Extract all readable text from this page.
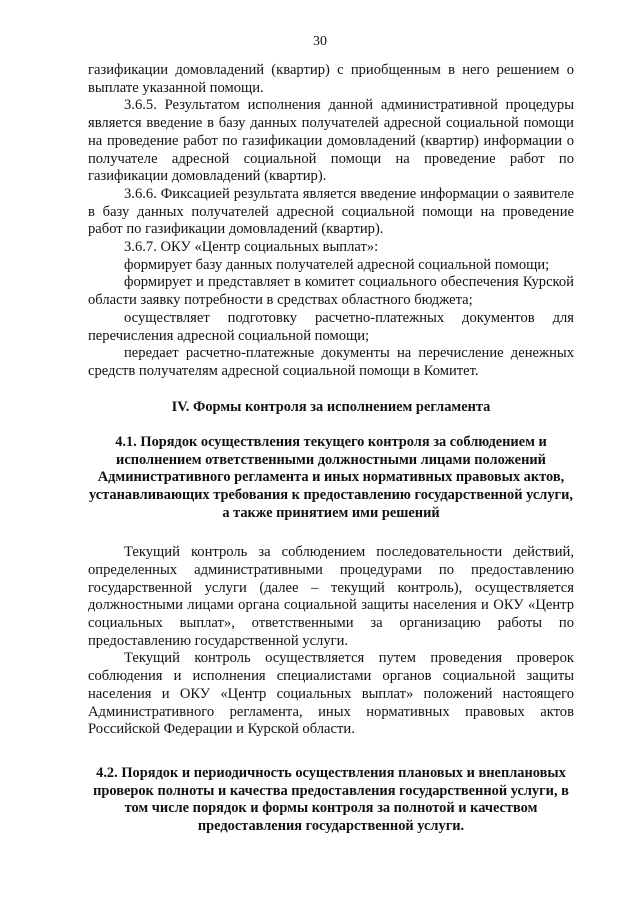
30

газификации домовладений (квартир) с приобщенным в него решением о выплате указанной помощи.

3.6.5. Результатом исполнения данной административной процедуры является введение в базу данных получателей адресной социальной помощи на проведение работ по газификации домовладений (квартир) информации о получателе адресной социальной помощи на проведение работ по газификации домовладений (квартир).

3.6.6. Фиксацией результата является введение информации о заявителе в базу данных получателей адресной социальной помощи на проведение работ по газификации домовладений (квартир).

3.6.7. ОКУ «Центр социальных выплат»:

формирует базу данных получателей адресной социальной помощи;

формирует и представляет в комитет социального обеспечения Курской области заявку потребности в средствах областного бюджета;

осуществляет подготовку расчетно-платежных документов для перечисления адресной социальной помощи;

передает расчетно-платежные документы на перечисление денежных средств получателям адресной социальной помощи в Комитет.

IV. Формы контроля за исполнением регламента
4.1. Порядок осуществления текущего контроля за соблюдением и исполнением ответственными должностными лицами положений Административного регламента и иных нормативных правовых актов, устанавливающих требования к предоставлению государственной услуги, а также принятием ими решений

Текущий контроль за соблюдением последовательности действий, определенных административными процедурами по предоставлению государственной услуги (далее – текущий контроль), осуществляется должностными лицами органа социальной защиты населения и ОКУ «Центр социальных выплат», ответственными за организацию работы по предоставлению государственной услуги.

Текущий контроль осуществляется путем проведения проверок соблюдения и исполнения специалистами органов социальной защиты населения и ОКУ «Центр социальных выплат» положений настоящего Административного регламента, иных нормативных правовых актов Российской Федерации и Курской области.

4.2. Порядок и периодичность осуществления плановых и внеплановых проверок полноты и качества предоставления государственной услуги, в том числе порядок и формы контроля за полнотой и качеством предоставления государственной услуги.
